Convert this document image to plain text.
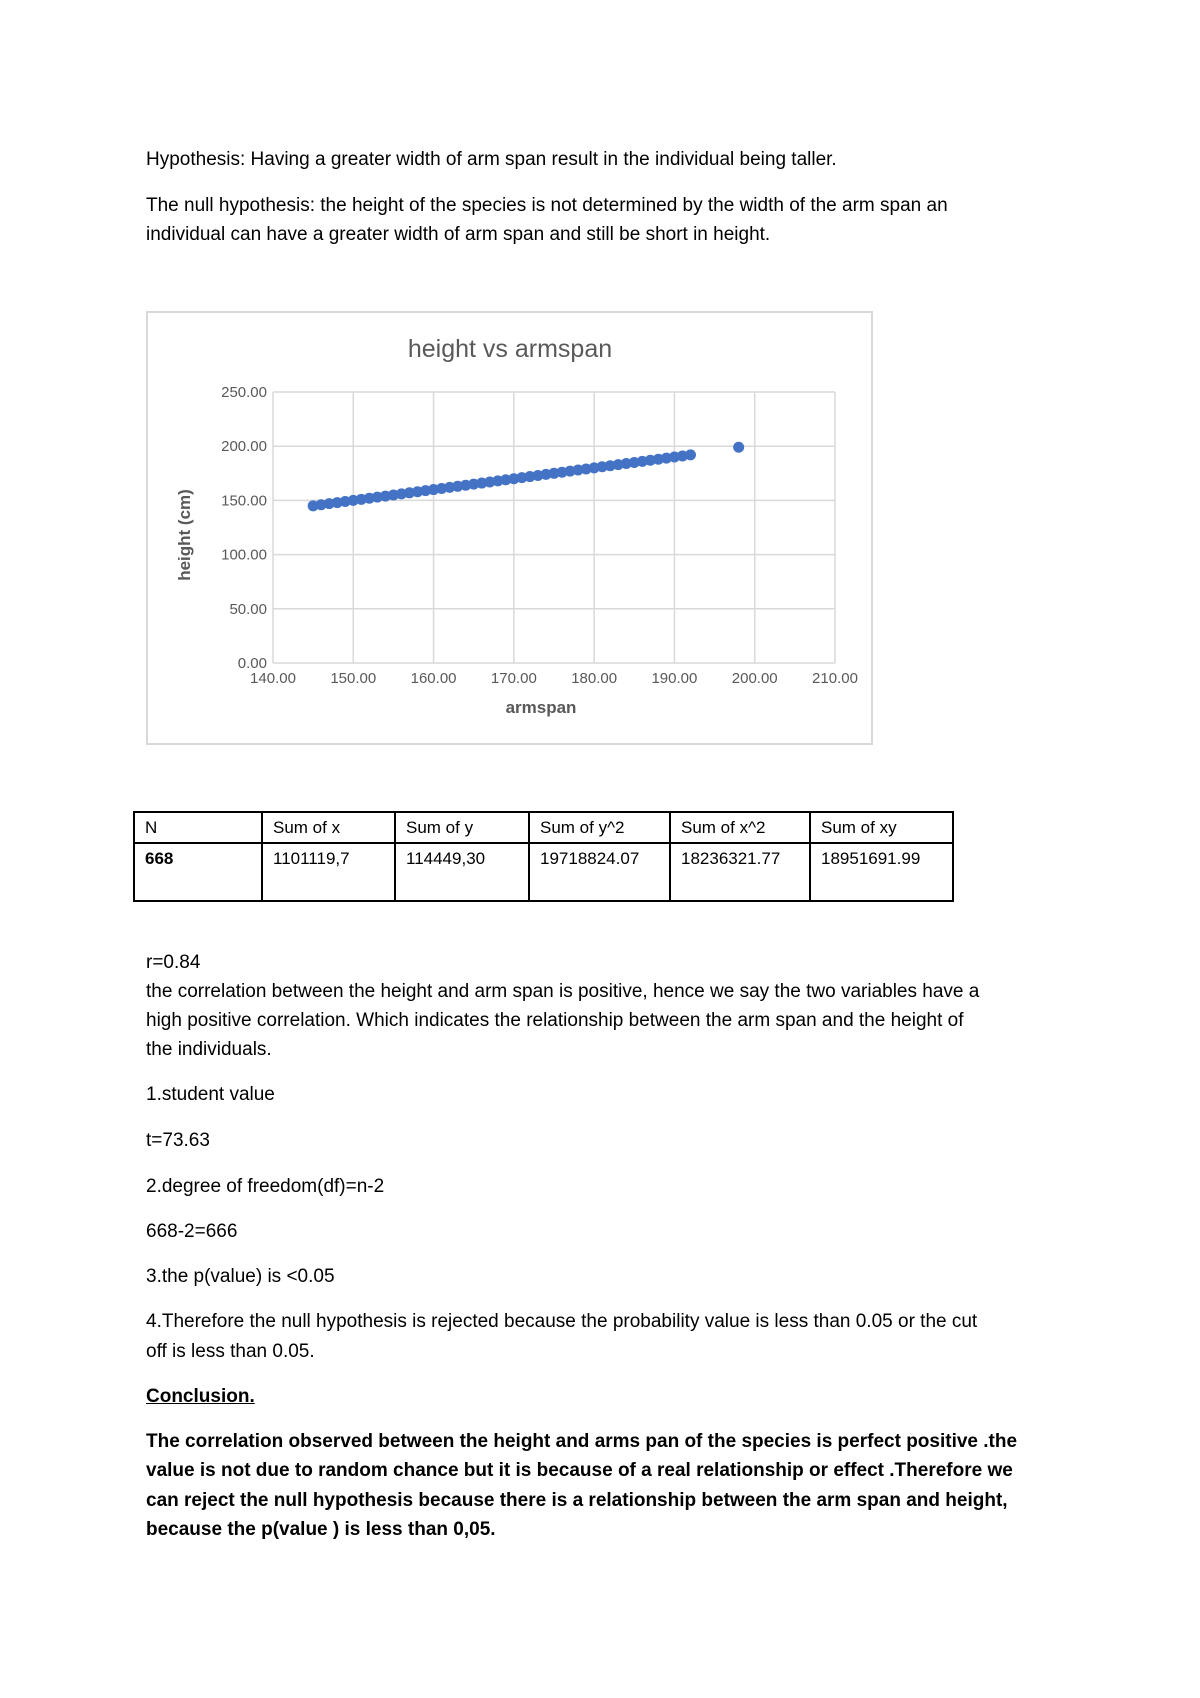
Hypothesis: Having a greater width of arm span result in the individual being taller.

The null hypothesis: the height of the species is not determined by the width of the arm span an

individual can have a greater width of arm span and still be short in height.

height vs armspan
0.00
50.00
100.00
150.00
200.00
250.00
140.00 150.00 160.00 170.00 180.00 190.00 200.00 210.00
armspan
height (cm)
N	Sum of x	Sum of y	Sum of y^2	Sum of x^2	Sum of xy
668	1101119,7	114449,30	19718824.07	18236321.77	18951691.99

r=0.84

the correlation between the height and arm span is positive, hence we say the two variables have a

high positive correlation. Which indicates the relationship between the arm span and the height of

the individuals.

1.student value

t=73.63

2.degree of freedom(df)=n-2

668-2=666

3.the p(value) is <0.05

4.Therefore the null hypothesis is rejected because the probability value is less than 0.05 or the cut

off is less than 0.05.

Conclusion.

The correlation observed between the height and arms pan of the species is perfect positive .the

value is not due to random chance but it is because of a real relationship or effect .Therefore we

can reject the null hypothesis because there is a relationship between the arm span and height,

because the p(value ) is less than 0,05.
